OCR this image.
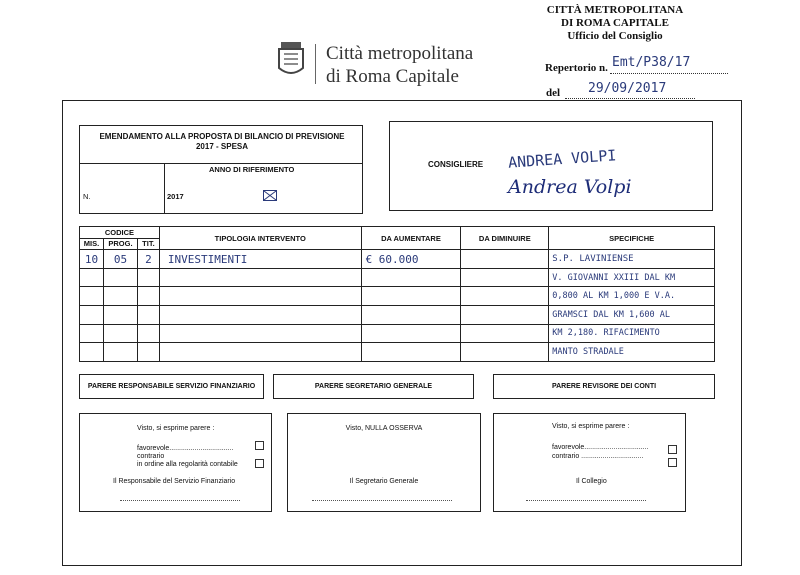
Città metropolitana
di Roma Capitale
CITTÀ METROPOLITANA
DI ROMA CAPITALE
Ufficio del Consiglio
Repertorio n. Emt/P38/17
del 29/09/2017
EMENDAMENTO ALLA PROPOSTA DI BILANCIO DI PREVISIONE 2017 - SPESA
N.
ANNO DI RIFERIMENTO
2017
CONSIGLIERE ANDREA VOLPI
Andrea Volpi
CODICE			TIPOLOGIA INTERVENTO	DA AUMENTARE	DA DIMINUIRE	SPECIFICHE
MIS.	PROG.	TIT.				
10	05	2	INVESTIMENTI	€ 60.000		S.P. LAVINIENSE
						V. GIOVANNI XXIII DAL KM
						0,800 AL KM 1,000 E V.A.
						GRAMSCI DAL KM 1,600 AL
						KM 2,180. RIFACIMENTO
						MANTO STRADALE
PARERE RESPONSABILE SERVIZIO FINANZIARIO	PARERE SEGRETARIO GENERALE	PARERE REVISORE DEI CONTI
Visto, si esprime parere :
favorevole.................................
contrario
in ordine alla regolarità contabile
Il Responsabile del Servizio Finanziario
Visto, NULLA OSSERVA
Il Segretario Generale
Visto, si esprime parere :
favorevole.................................
contrario ................................
Il Collegio
